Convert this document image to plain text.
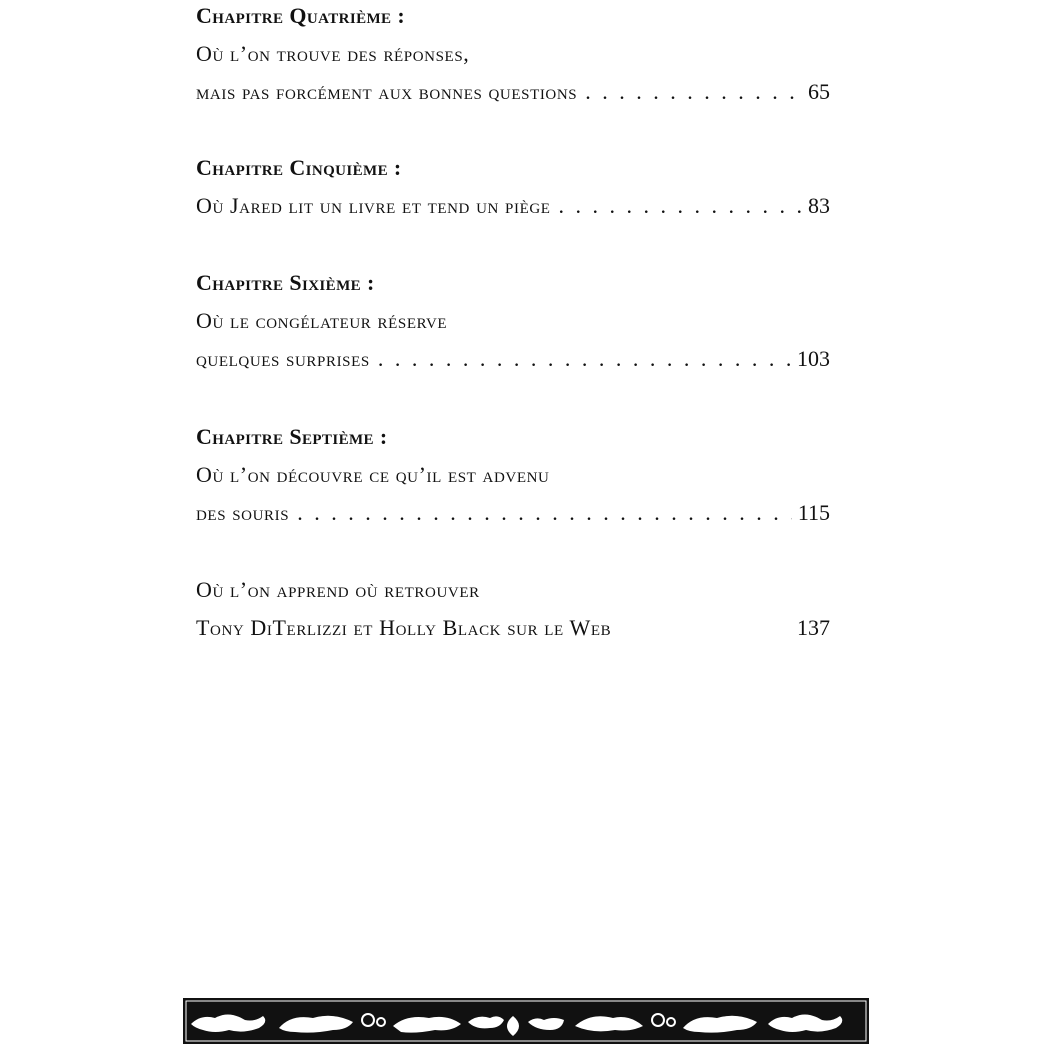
Chapitre Quatrième :
Où l’on trouve des réponses,
mais pas forcément aux bonnes questions . . .	65
Chapitre Cinquième :
Où Jared lit un livre et tend un piège . . .	83
Chapitre Sixième :
Où le congélateur réserve
quelques surprises . . .	103
Chapitre Septième :
Où l’on découvre ce qu’il est advenu
des souris . . .	115
Où l’on apprend où retrouver
Tony DiTerlizzi et Holly Black sur le Web	137
